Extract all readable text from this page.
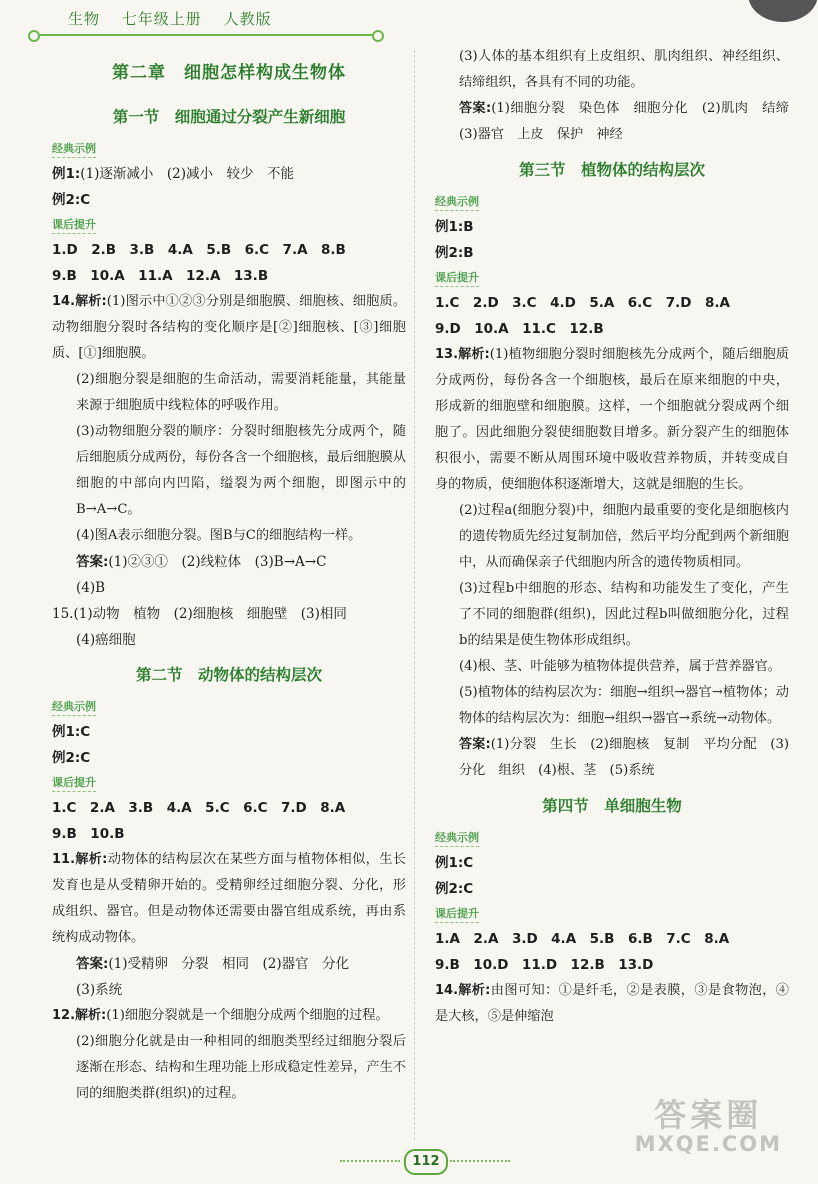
生物 七年级上册 人教版
第二章　细胞怎样构成生物体
第一节　细胞通过分裂产生新细胞
经典示例
例1:(1)逐渐减小　(2)减小　较少　不能
例2:C
课后提升
1.D　2.B　3.B　4.A　5.B　6.C　7.A　8.B
9.B　10.A　11.A　12.A　13.B

14.解析:(1)图示中①②③分别是细胞膜、细胞核、细胞质。动物细胞分裂时各结构的变化顺序是[②]细胞核、[③]细胞质、[①]细胞膜。

(2)细胞分裂是细胞的生命活动，需要消耗能量，其能量来源于细胞质中线粒体的呼吸作用。

(3)动物细胞分裂的顺序：分裂时细胞核先分成两个，随后细胞质分成两份，每份各含一个细胞核，最后细胞膜从细胞的中部向内凹陷，缢裂为两个细胞，即图示中的B→A→C。

(4)图A表示细胞分裂。图B与C的细胞结构一样。

答案:(1)②③①　(2)线粒体　(3)B→A→C
(4)B
15.(1)动物　植物　(2)细胞核　细胞壁　(3)相同
(4)癌细胞
第二节　动物体的结构层次
经典示例
例1:C
例2:C
课后提升
1.C　2.A　3.B　4.A　5.C　6.C　7.D　8.A
9.B　10.B

11.解析:动物体的结构层次在某些方面与植物体相似，生长发育也是从受精卵开始的。受精卵经过细胞分裂、分化，形成组织、器官。但是动物体还需要由器官组成系统，再由系统构成动物体。

答案:(1)受精卵　分裂　相同　(2)器官　分化
(3)系统

12.解析:(1)细胞分裂就是一个细胞分成两个细胞的过程。

(2)细胞分化就是由一种相同的细胞类型经过细胞分裂后逐渐在形态、结构和生理功能上形成稳定性差异，产生不同的细胞类群(组织)的过程。

(3)人体的基本组织有上皮组织、肌肉组织、神经组织、结缔组织，各具有不同的功能。

答案:(1)细胞分裂　染色体　细胞分化　(2)肌肉　结缔　(3)器官　上皮　保护　神经

第三节　植物体的结构层次
经典示例
例1:B
例2:B
课后提升
1.C　2.D　3.C　4.D　5.A　6.C　7.D　8.A
9.D　10.A　11.C　12.B

13.解析:(1)植物细胞分裂时细胞核先分成两个，随后细胞质分成两份，每份各含一个细胞核，最后在原来细胞的中央，形成新的细胞壁和细胞膜。这样，一个细胞就分裂成两个细胞了。因此细胞分裂使细胞数目增多。新分裂产生的细胞体积很小，需要不断从周围环境中吸收营养物质，并转变成自身的物质，使细胞体积逐渐增大，这就是细胞的生长。

(2)过程a(细胞分裂)中，细胞内最重要的变化是细胞核内的遗传物质先经过复制加倍，然后平均分配到两个新细胞中，从而确保亲子代细胞内所含的遗传物质相同。

(3)过程b中细胞的形态、结构和功能发生了变化，产生了不同的细胞群(组织)，因此过程b叫做细胞分化，过程b的结果是使生物体形成组织。

(4)根、茎、叶能够为植物体提供营养，属于营养器官。

(5)植物体的结构层次为：细胞→组织→器官→植物体；动物体的结构层次为：细胞→组织→器官→系统→动物体。

答案:(1)分裂　生长　(2)细胞核　复制　平均分配　(3)分化　组织　(4)根、茎　(5)系统

第四节　单细胞生物
经典示例
例1:C
例2:C
课后提升
1.A　2.A　3.D　4.A　5.B　6.B　7.C　8.A
9.B　10.D　11.D　12.B　13.D

14.解析:由图可知：①是纤毛，②是表膜，③是食物泡，④是大核，⑤是伸缩泡

112
答案圈
MXQE.COM
